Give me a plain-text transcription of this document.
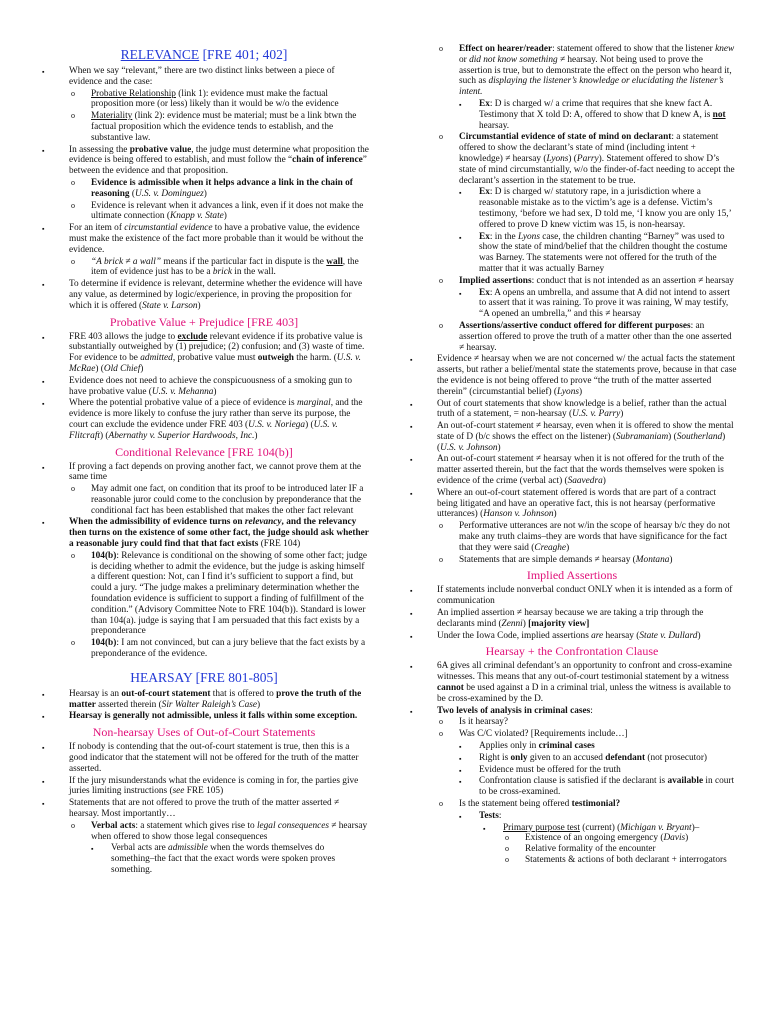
RELEVANCE [FRE 401; 402]
▪	When we say “relevant,” there are two distinct links between a piece of evidence and the case:
o Probative Relationship (link 1): evidence must make the factual proposition more (or less) likely than it would be w/o the evidence
o Materiality (link 2): evidence must be material; must be a link btwn the factual proposition which the evidence tends to establish, and the substantive law.
▪	In assessing the probative value, the judge must determine what proposition the evidence is being offered to establish, and must follow the “chain of inference” between the evidence and that proposition.
o Evidence is admissible when it helps advance a link in the chain of reasoning (U.S. v. Dominguez)
o Evidence is relevant when it advances a link, even if it does not make the ultimate connection (Knapp v. State)
▪	For an item of circumstantial evidence to have a probative value, the evidence must make the existence of the fact more probable than it would be without the evidence.
o “A brick ≠ a wall” means if the particular fact in dispute is the wall, the item of evidence just has to be a brick in the wall.
▪	To determine if evidence is relevant, determine whether the evidence will have any value, as determined by logic/experience, in proving the proposition for which it is offered (State v. Larson)
Probative Value + Prejudice [FRE 403]
▪	FRE 403 allows the judge to exclude relevant evidence if its probative value is substantially outweighed by (1) prejudice; (2) confusion; and (3) waste of time. For evidence to be admitted, probative value must outweigh the harm. (U.S. v. McRae) (Old Chief)
▪	Evidence does not need to achieve the conspicuousness of a smoking gun to have probative value (U.S. v. Mehanna)
▪	Where the potential probative value of a piece of evidence is marginal, and the evidence is more likely to confuse the jury rather than serve its purpose, the court can exclude the evidence under FRE 403 (U.S. v. Noriega) (U.S. v. Flitcraft) (Abernathy v. Superior Hardwoods, Inc.)
Conditional Relevance [FRE 104(b)]
▪	If proving a fact depends on proving another fact, we cannot prove them at the same time
o May admit one fact, on condition that its proof to be introduced later IF a reasonable juror could come to the conclusion by preponderance that the conditional fact has been established that makes the other fact relevant
▪	When the admissibility of evidence turns on relevancy, and the relevancy then turns on the existence of some other fact, the judge should ask whether a reasonable jury could find that that fact exists (FRE 104)
o 104(b): Relevance is conditional on the showing of some other fact; judge is deciding whether to admit the evidence, but the judge is asking himself a different question: Not, can I find it’s sufficient to support a find, but could a jury. “The judge makes a preliminary determination whether the foundation evidence is sufficient to support a finding of fulfillment of the condition.” (Advisory Committee Note to FRE 104(b)). Standard is lower than 104(a). judge is saying that I am persuaded that this fact exists by a preponderance
o 104(b): I am not convinced, but can a jury believe that the fact exists by a preponderance of the evidence.
HEARSAY [FRE 801-805]
▪	Hearsay is an out-of-court statement that is offered to prove the truth of the matter asserted therein (Sir Walter Raleigh’s Case)
▪	Hearsay is generally not admissible, unless it falls within some exception.
Non-hearsay Uses of Out-of-Court Statements
▪	If nobody is contending that the out-of-court statement is true, then this is a good indicator that the statement will not be offered for the truth of the matter asserted.
▪	If the jury misunderstands what the evidence is coming in for, the parties give juries limiting instructions (see FRE 105)
▪	Statements that are not offered to prove the truth of the matter asserted ≠ hearsay. Most importantly…
o Verbal acts: a statement which gives rise to legal consequences ≠ hearsay when offered to show those legal consequences
▪ Verbal acts are admissible when the words themselves do something–the fact that the exact words were spoken proves something.
o Effect on hearer/reader: statement offered to show that the listener knew or did not know something ≠ hearsay. Not being used to prove the assertion is true, but to demonstrate the effect on the person who heard it, such as displaying the listener’s knowledge or elucidating the listener’s intent.
▪ Ex: D is charged w/ a crime that requires that she knew fact A. Testimony that X told D: A, offered to show that D knew A, is not hearsay.
o Circumstantial evidence of state of mind on declarant: a statement offered to show the declarant’s state of mind (including intent + knowledge) ≠ hearsay (Lyons) (Parry). Statement offered to show D’s state of mind circumstantially, w/o the finder-of-fact needing to accept the declarant’s assertion in the statement to be true.
▪ Ex: D is charged w/ statutory rape, in a jurisdiction where a reasonable mistake as to the victim’s age is a defense. Victim’s testimony, ‘before we had sex, D told me, ‘I know you are only 15,’ offered to prove D knew victim was 15, is non-hearsay.
▪ Ex: in the Lyons case, the children chanting “Barney” was used to show the state of mind/belief that the children thought the costume was Barney. The statements were not offered for the truth of the matter that it was actually Barney
o Implied assertions: conduct that is not intended as an assertion ≠ hearsay
▪ Ex: A opens an umbrella, and assume that A did not intend to assert to assert that it was raining. To prove it was raining, W may testify, “A opened an umbrella,” and this ≠ hearsay
o Assertions/assertive conduct offered for different purposes: an assertion offered to prove the truth of a matter other than the one asserted ≠ hearsay.
▪	Evidence ≠ hearsay when we are not concerned w/ the actual facts the statement asserts, but rather a belief/mental state the statements prove, because in that case the evidence is not being offered to prove “the truth of the matter asserted therein” (circumstantial belief) (Lyons)
▪	Out of court statements that show knowledge is a belief, rather than the actual truth of a statement, = non-hearsay (U.S. v. Parry)
▪	An out-of-court statement ≠ hearsay, even when it is offered to show the mental state of D (b/c shows the effect on the listener) (Subramaniam) (Southerland) (U.S. v. Johnson)
▪	An out-of-court statement ≠ hearsay when it is not offered for the truth of the matter asserted therein, but the fact that the words themselves were spoken is evidence of the crime (verbal act) (Saavedra)
▪	Where an out-of-court statement offered is words that are part of a contract being litigated and have an operative fact, this is not hearsay (performative utterances) (Hanson v. Johnson)
o Performative utterances are not w/in the scope of hearsay b/c they do not make any truth claims–they are words that have significance for the fact that they were said (Creaghe)
o Statements that are simple demands ≠ hearsay (Montana)
Implied Assertions
▪	If statements include nonverbal conduct ONLY when it is intended as a form of communication
▪	An implied assertion ≠ hearsay because we are taking a trip through the declarants mind (Zenni) [majority view]
▪	Under the Iowa Code, implied assertions are hearsay (State v. Dullard)
Hearsay + the Confrontation Clause
▪	6A gives all criminal defendant’s an opportunity to confront and cross-examine witnesses. This means that any out-of-court testimonial statement by a witness cannot be used against a D in a criminal trial, unless the witness is available to be cross-examined by the D.
▪	Two levels of analysis in criminal cases:
o Is it hearsay?
o Was C/C violated? [Requirements include…]
▪ Applies only in criminal cases
▪ Right is only given to an accused defendant (not prosecutor)
▪ Evidence must be offered for the truth
▪ Confrontation clause is satisfied if the declarant is available in court to be cross-examined.
o Is the statement being offered testimonial?
▪ Tests:
▪ Primary purpose test (current) (Michigan v. Bryant)–
o Existence of an ongoing emergency (Davis)
o Relative formality of the encounter
o Statements & actions of both declarant + interrogators
